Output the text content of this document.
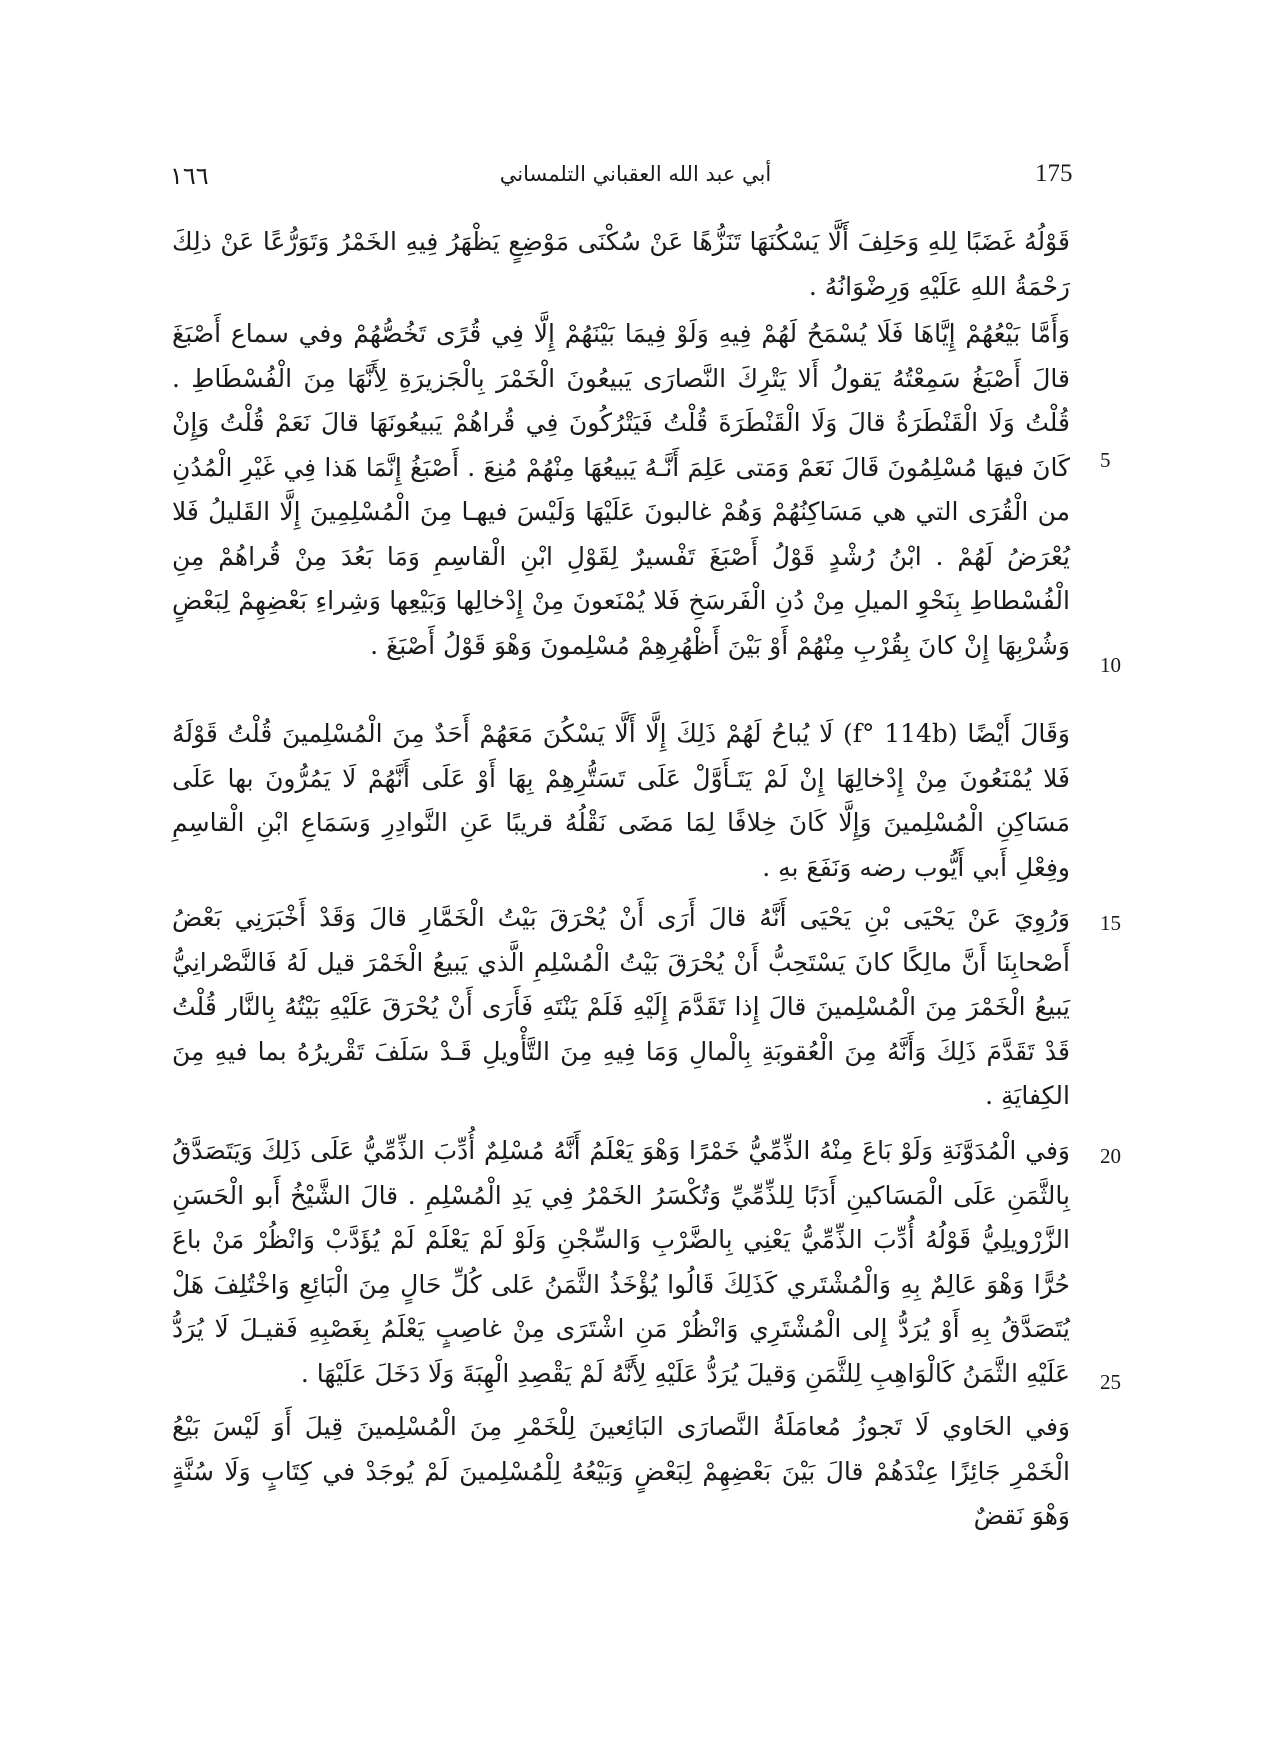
١٦٦	أبي عبد الله العقباني التلمساني	175

قَوْلُهُ غَضَبًا لِلهِ وَحَلِفَ أَلَّا يَسْكُنَهَا تَنَزُّهًا عَنْ سُكْنَى مَوْضِعٍ يَظْهَرُ فِيهِ الخَمْرُ وَتَوَرُّعًا عَنْ ذلِكَ رَحْمَةُ اللهِ عَلَيْهِ وَرِضْوَانُهُ .

وَأَمَّا بَيْعُهُمْ إِيَّاهَا فَلَا يُسْمَحُ لَهُمْ فِيهِ وَلَوْ فِيمَا بَيْنَهُمْ إِلَّا فِي قُرًى تَخُصُّهُمْ وفي سماع أَصْبَغَ قالَ أَصْبَغُ سَمِعْتُهُ يَقولُ أَلا يَتْرِكَ النَّصارَى يَبيعُونَ الْخَمْرَ بِالْجَزيرَةِ لِأَنَّهَا مِنَ الْفُسْطَاطِ . قُلْتُ وَلَا الْقَنْطَرَةُ قالَ وَلَا الْقَنْطَرَةَ قُلْتُ فَيَتْرُكُونَ فِي قُراهُمْ يَبيعُونَهَا قالَ نَعَمْ قُلْتُ وَإِنْ كَانَ فيهَا مُسْلِمُونَ قَالَ نَعَمْ وَمَتى عَلِمَ أَنَّـهُ يَبيعُهَا مِنْهُمْ مُنِعَ . أَصْبَغُ إِنَّمَا هَذا فِي غَيْرِ الْمُدُنِ من الْقُرَى التي هي مَسَاكِنُهُمْ وَهُمْ غالبونَ عَلَيْهَا وَلَيْسَ فيهـا مِنَ الْمُسْلِمِينَ إِلَّا القَليلُ فَلا يُعْرَضُ لَهُمْ . ابْنُ رُشْدٍ قَوْلُ أَصْبَغَ تَفْسيرٌ لِقَوْلِ ابْنِ الْقاسِمِ وَمَا بَعُدَ مِنْ قُراهُمْ مِنِ الْفُسْطاطِ بِنَحْوِ الميلِ مِنْ دُنِ الْفَرسَخِ فَلا يُمْنَعونَ مِنْ إِدْخالِها وَبَيْعِها وَشِراءِ بَعْضِهِمْ لِبَعْضٍ وَشُرْبِهَا إِنْ كانَ بِقُرْبِ مِنْهُمْ أَوْ بَيْنَ أَظْهُرِهِمْ مُسْلِمونَ وَهْوَ قَوْلُ أَصْبَغَ .

وَقَالَ أَيْضًا (f° 114b) لَا يُباحُ لَهُمْ ذَلِكَ إِلَّا أَلَّا يَسْكُنَ مَعَهُمْ أَحَدٌ مِنَ الْمُسْلِمينَ قُلْتُ قَوْلَهُ فَلا يُمْنَعُونَ مِنْ إِدْخالِهَا إِنْ لَمْ يَتَـأَوَّلْ عَلَى تَسَتُّرِهِمْ بِهَا أَوْ عَلَى أَنَّهُمْ لَا يَمُرُّونَ بها عَلَى مَسَاكِنِ الْمُسْلِمينَ وَإِلَّا كَانَ خِلافًا لِمَا مَضَى نَقْلُهُ قريبًا عَنِ النَّوادِرِ وَسَمَاعِ ابْنِ الْقاسِمِ وفِعْلِ أَبي أَيُّوب رضه وَنَفَعَ بهِ .

وَرُوِيَ عَنْ يَحْيَى بْنِ يَحْيَى أَنَّهُ قالَ أَرَى أَنْ يُحْرَقَ بَيْتُ الْخَمَّارِ قالَ وَقَدْ أَخْبَرَنِي بَعْضُ أَصْحابِنَا أَنَّ مالِكًا كانَ يَسْتَحِبُّ أَنْ يُحْرَقَ بَيْتُ الْمُسْلِمِ الَّذي يَبيعُ الْخَمْرَ قيل لَهُ فَالنَّصْرانِيُّ يَبيعُ الْخَمْرَ مِنَ الْمُسْلِمينَ قالَ إِذا تَقَدَّمَ إِلَيْهِ فَلَمْ يَنْتَهِ فَأَرَى أَنْ يُحْرَقَ عَلَيْهِ بَيْتُهُ بِالنَّار قُلْتُ قَدْ تَقَدَّمَ ذَلِكَ وَأَنَّهُ مِنَ الْعُقوبَةِ بِالْمالِ وَمَا فِيهِ مِنَ التَّأْويلِ قَـدْ سَلَفَ تَقْريرُهُ بما فيهِ مِنَ الكِفايَةِ .

وَفي الْمُدَوَّنَةِ وَلَوْ بَاعَ مِنْهُ الذِّمِّيُّ خَمْرًا وَهْوَ يَعْلَمُ أَنَّهُ مُسْلِمٌ أُدِّبَ الذِّمِّيُّ عَلَى ذَلِكَ وَيَتَصَدَّقُ بِالثَّمَنِ عَلَى الْمَسَاكينِ أَدَبًا لِلذِّمِّيِّ وَتُكْسَرُ الخَمْرُ فِي يَدِ الْمُسْلِمِ . قالَ الشَّيْخُ أَبو الْحَسَنِ الزَّرْويلِيُّ قَوْلُهُ أُدِّبَ الذِّمِّيُّ يَعْنِي بِالضَّرْبِ وَالسِّجْنِ وَلَوْ لَمْ يَعْلَمْ لَمْ يُؤَدَّبْ وَانْظُرْ مَنْ باعَ حُرًّا وَهْوَ عَالِمٌ بِهِ وَالْمُشْتَري كَذَلِكَ قَالُوا يُؤْخَذُ الثَّمَنُ عَلى كُلِّ حَالٍ مِنَ الْبَائِعِ وَاخْتُلِفَ هَلْ يُتَصَدَّقُ بِهِ أَوْ يُرَدُّ إِلى الْمُشْتَرِي وَانْظُرْ مَنِ اشْتَرَى مِنْ غاصِبٍ يَعْلَمُ بِغَصْبِهِ فَقيـلَ لَا يُرَدُّ عَلَيْهِ الثَّمَنُ كَالْوَاهِبِ لِلثَّمَنِ وَقيلَ يُرَدُّ عَلَيْهِ لِأَنَّهُ لَمْ يَقْصِدِ الْهِبَةَ وَلَا دَخَلَ عَلَيْهَا .

وَفي الحَاوي لَا تَجوزُ مُعامَلَةُ النَّصارَى البَائِعينَ لِلْخَمْرِ مِنَ الْمُسْلِمينَ قِيلَ أَوَ لَيْسَ بَيْعُ الْخَمْرِ جَائِزًا عِنْدَهُمْ قالَ بَيْنَ بَعْضِهِمْ لِبَعْضٍ وَبَيْعُهُ لِلْمُسْلِمينَ لَمْ يُوجَدْ في كِتَابٍ وَلَا سُنَّةٍ وَهْوَ نَقضٌ

5
10
15
20
25
